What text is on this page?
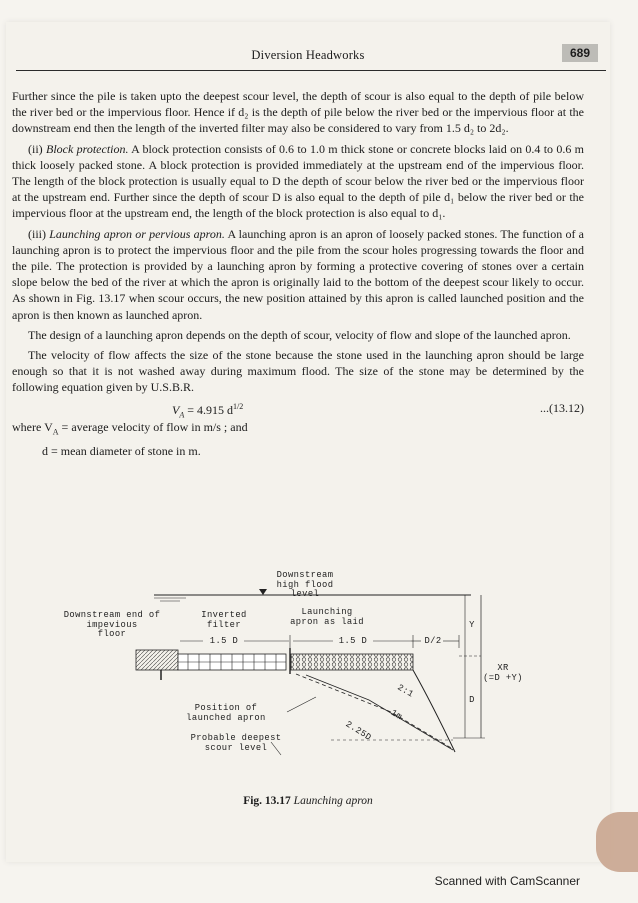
Diversion Headworks	689

Further since the pile is taken upto the deepest scour level, the depth of scour is also equal to the depth of pile below the river bed or the impervious floor. Hence if d₂ is the depth of pile below the river bed or the impervious floor at the downstream end then the length of the inverted filter may also be considered to vary from 1.5 d₂ to 2d₂.

(ii) Block protection. A block protection consists of 0.6 to 1.0 m thick stone or concrete blocks laid on 0.4 to 0.6 m thick loosely packed stone. A block protection is provided immediately at the upstream end of the impervious floor. The length of the block protection is usually equal to D the depth of scour below the river bed or the impervious floor at the upstream end. Further since the depth of scour D is also equal to the depth of pile d₁ below the river bed or the impervious floor at the upstream end, the length of the block protection is also equal to d₁.

(iii) Launching apron or pervious apron. A launching apron is an apron of loosely packed stones. The function of a launching apron is to protect the impervious floor and the pile from the scour holes progressing towards the floor and the pile. The protection is provided by a launching apron by forming a protective covering of stones over a certain slope below the bed of the river at which the apron is originally laid to the bottom of the deepest scour likely to occur. As shown in Fig. 13.17 when scour occurs, the new position attained by this apron is called launched position and the apron is then known as launched apron.

The design of a launching apron depends on the depth of scour, velocity of flow and slope of the launched apron.

The velocity of flow affects the size of the stone because the stone used in the launching apron should be large enough so that it is not washed away during maximum flood. The size of the stone may be determined by the following equation given by U.S.B.R.

$V_A = 4.915$ $d^{1/2}$	...(13.12)
where $V_A$ = average velocity of flow in m/s ; and
d = mean diameter of stone in m.
Downstream
high flood level
Downstream end of
impevious
floor
Inverted
filter
Launching
apron as laid
1.5 D	1.5 D	D/2
Y
XR
(=D +Y)
D
2:1
1m
2.25D
Position of
launched apron
Probable deepest
scour level
Fig. 13.17 Launching apron
Scanned with CamScanner
